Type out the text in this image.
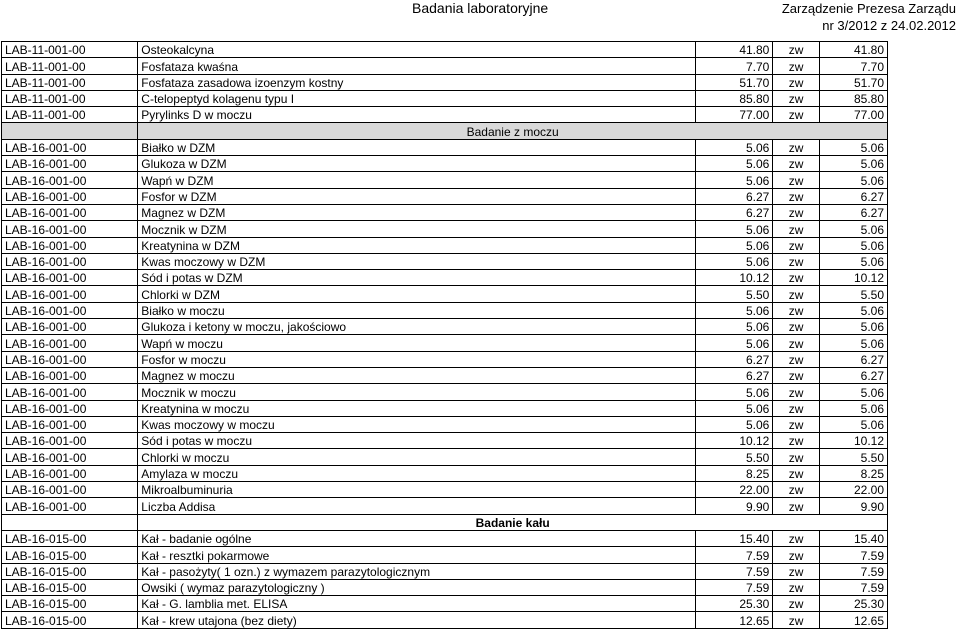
Badania laboratoryjne	Zarządzenie Prezesa Zarządu
nr 3/2012 z 24.02.2012
LAB-11-001-00	Osteokalcyna	41.80	zw	41.80
LAB-11-001-00	Fosfataza kwaśna	7.70	zw	7.70
LAB-11-001-00	Fosfataza zasadowa izoenzym kostny	51.70	zw	51.70
LAB-11-001-00	C-telopeptyd kolagenu typu I	85.80	zw	85.80
LAB-11-001-00	Pyrylinks D w moczu	77.00	zw	77.00
	Badanie z moczu			
LAB-16-001-00	Białko w DZM	5.06	zw	5.06
LAB-16-001-00	Glukoza w DZM	5.06	zw	5.06
LAB-16-001-00	Wapń w DZM	5.06	zw	5.06
LAB-16-001-00	Fosfor w DZM	6.27	zw	6.27
LAB-16-001-00	Magnez w DZM	6.27	zw	6.27
LAB-16-001-00	Mocznik w DZM	5.06	zw	5.06
LAB-16-001-00	Kreatynina w DZM	5.06	zw	5.06
LAB-16-001-00	Kwas moczowy w DZM	5.06	zw	5.06
LAB-16-001-00	Sód i potas w DZM	10.12	zw	10.12
LAB-16-001-00	Chlorki w DZM	5.50	zw	5.50
LAB-16-001-00	Białko w moczu	5.06	zw	5.06
LAB-16-001-00	Glukoza i ketony w moczu, jakościowo	5.06	zw	5.06
LAB-16-001-00	Wapń w moczu	5.06	zw	5.06
LAB-16-001-00	Fosfor w moczu	6.27	zw	6.27
LAB-16-001-00	Magnez w moczu	6.27	zw	6.27
LAB-16-001-00	Mocznik w moczu	5.06	zw	5.06
LAB-16-001-00	Kreatynina w moczu	5.06	zw	5.06
LAB-16-001-00	Kwas moczowy w moczu	5.06	zw	5.06
LAB-16-001-00	Sód i potas w moczu	10.12	zw	10.12
LAB-16-001-00	Chlorki w moczu	5.50	zw	5.50
LAB-16-001-00	Amylaza w moczu	8.25	zw	8.25
LAB-16-001-00	Mikroalbuminuria	22.00	zw	22.00
LAB-16-001-00	Liczba Addisa	9.90	zw	9.90
	Badanie kału			
LAB-16-015-00	Kał - badanie ogólne	15.40	zw	15.40
LAB-16-015-00	Kał - resztki pokarmowe	7.59	zw	7.59
LAB-16-015-00	Kał - pasożyty( 1 ozn.) z wymazem parazytologicznym	7.59	zw	7.59
LAB-16-015-00	Owsiki ( wymaz parazytologiczny )	7.59	zw	7.59
LAB-16-015-00	Kał - G. lamblia met. ELISA	25.30	zw	25.30
LAB-16-015-00	Kał - krew utajona (bez diety)	12.65	zw	12.65
